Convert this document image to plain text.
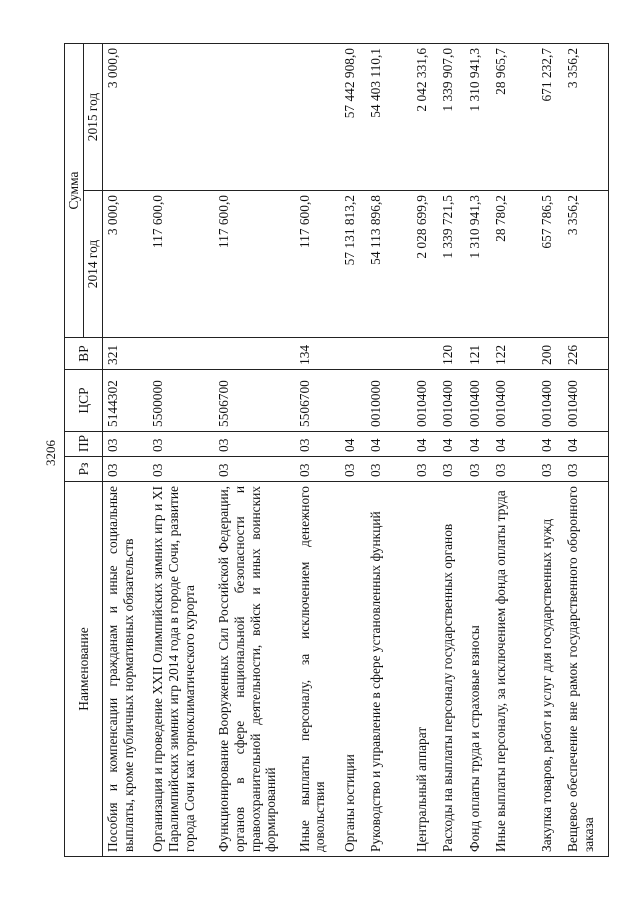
3206
Наименование	Рз	ПР	ЦСР	ВР	Сумма	
					2014 год	2015 год
Пособия и компенсации гражданам и иные социальные выплаты, кроме публичных нормативных обязательств	03	03	5144302	321	3 000,0	3 000,0
Организация и проведение XXII Олимпийских зимних игр и XI Паралимпийских зимних игр 2014 года в городе Сочи, развитие города Сочи как горноклиматического курорта	03	03	5500000		117 600,0	
Функционирование Вооруженных Сил Российской Федерации, органов в сфере национальной безопасности и правоохранительной деятельности, войск и иных воинских формирований	03	03	5506700		117 600,0	
Иные выплаты персоналу, за исключением денежного довольствия	03	03	5506700	134	117 600,0	
Органы юстиции	03	04			57 131 813,2	57 442 908,0
Руководство и управление в сфере установленных функций	03	04	0010000		54 113 896,8	54 403 110,1
Центральный аппарат	03	04	0010400		2 028 699,9	2 042 331,6
Расходы на выплаты персоналу государственных органов	03	04	0010400	120	1 339 721,5	1 339 907,0
Фонд оплаты труда и страховые взносы	03	04	0010400	121	1 310 941,3	1 310 941,3
Иные выплаты персоналу, за исключением фонда оплаты труда	03	04	0010400	122	28 780,2	28 965,7
Закупка товаров, работ и услуг для государственных нужд	03	04	0010400	200	657 786,5	671 232,7
Вещевое обеспечение вне рамок государственного оборонного заказа	03	04	0010400	226	3 356,2	3 356,2
